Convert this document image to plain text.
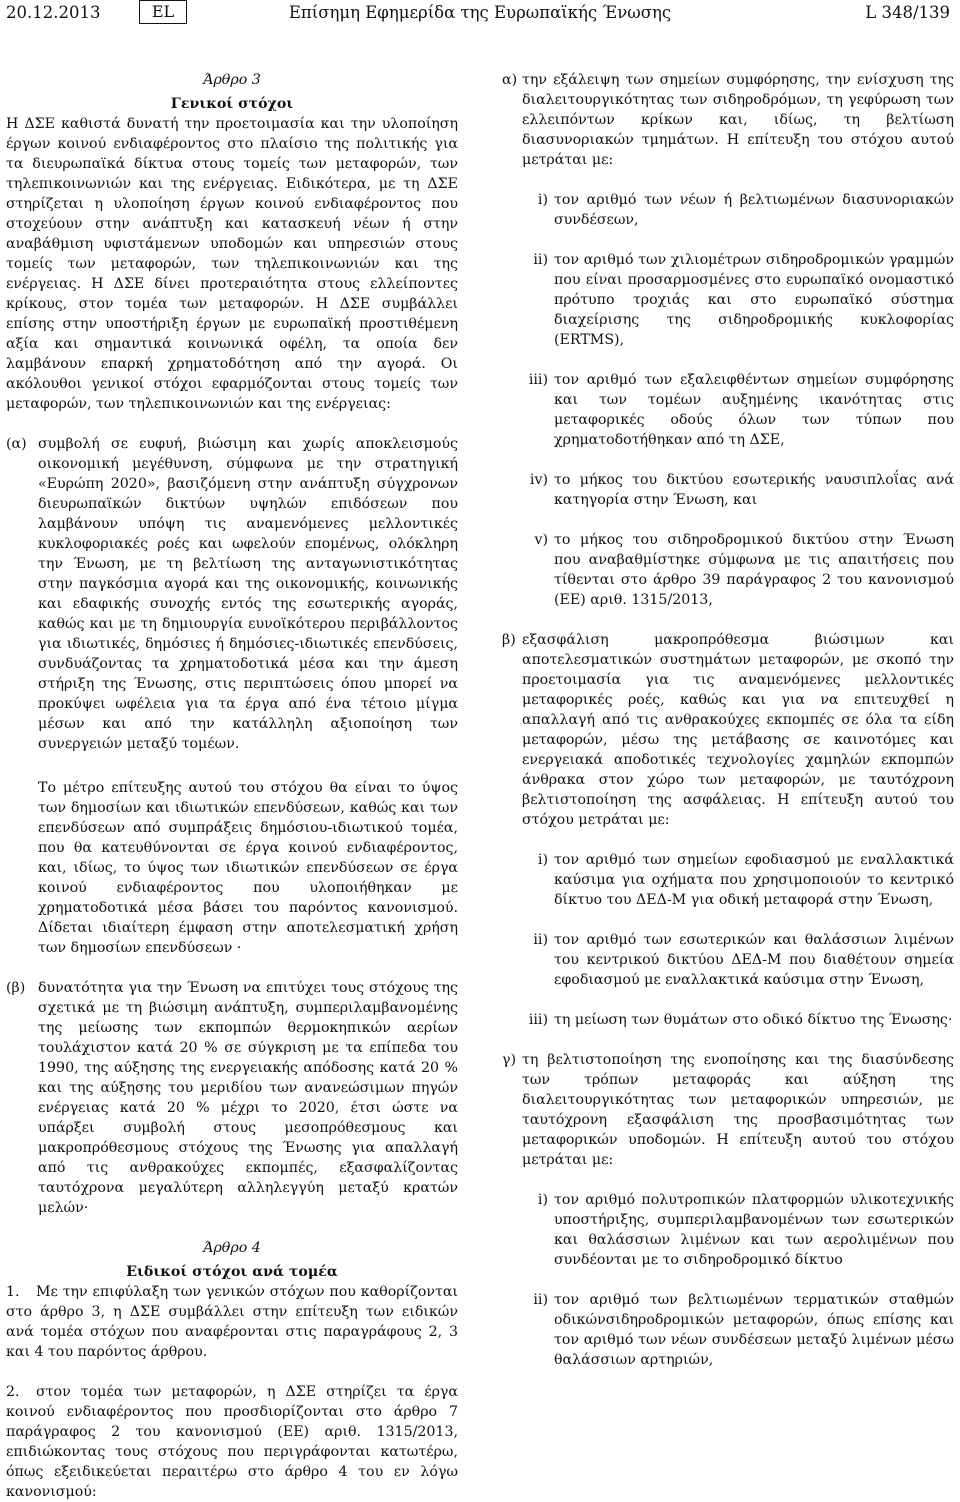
20.12.2013	EL	Επίσημη Εφημερίδα της Ευρωπαϊκής Ένωσης	L 348/139
Άρθρο 3
Γενικοί στόχοι

Η ΔΣΕ καθιστά δυνατή την προετοιμασία και την υλοποίηση έργων κοινού ενδιαφέροντος στο πλαίσιο της πολιτικής για τα διευρωπαϊκά δίκτυα στους τομείς των μεταφορών, των τηλεπικοινωνιών και της ενέργειας. Ειδικότερα, με τη ΔΣΕ στηρίζεται η υλοποίηση έργων κοινού ενδιαφέροντος που στοχεύουν στην ανάπτυξη και κατασκευή νέων ή στην αναβάθμιση υφιστάμενων υποδομών και υπηρεσιών στους τομείς των μεταφορών, των τηλεπικοινωνιών και της ενέργειας. Η ΔΣΕ δίνει προτεραιότητα στους ελλείποντες κρίκους, στον τομέα των μεταφορών. Η ΔΣΕ συμβάλλει επίσης στην υποστήριξη έργων με ευρωπαϊκή προστιθέμενη αξία και σημαντικά κοινωνικά οφέλη, τα οποία δεν λαμβάνουν επαρκή χρηματοδότηση από την αγορά. Οι ακόλουθοι γενικοί στόχοι εφαρμόζονται στους τομείς των μεταφορών, των τηλεπικοινωνιών και της ενέργειας:

(α) συμβολή σε ευφυή, βιώσιμη και χωρίς αποκλεισμούς οικονομική μεγέθυνση, σύμφωνα με την στρατηγική «Ευρώπη 2020», βασιζόμενη στην ανάπτυξη σύγχρονων διευρωπαϊκών δικτύων υψηλών επιδόσεων που λαμβάνουν υπόψη τις αναμενόμενες μελλοντικές κυκλοφοριακές ροές και ωφελούν επομένως, ολόκληρη την Ένωση, με τη βελτίωση της ανταγωνιστικότητας στην παγκόσμια αγορά και της οικονομικής, κοινωνικής και εδαφικής συνοχής εντός της εσωτερικής αγοράς, καθώς και με τη δημιουργία ευνοϊκότερου περιβάλλοντος για ιδιωτικές, δημόσιες ή δημόσιες-ιδιωτικές επενδύσεις, συνδυάζοντας τα χρηματοδοτικά μέσα και την άμεση στήριξη της Ένωσης, στις περιπτώσεις όπου μπορεί να προκύψει ωφέλεια για τα έργα από ένα τέτοιο μίγμα μέσων και από την κατάλληλη αξιοποίηση των συνεργειών μεταξύ τομέων.
Το μέτρο επίτευξης αυτού του στόχου θα είναι το ύψος των δημοσίων και ιδιωτικών επενδύσεων, καθώς και των επενδύσεων από συμπράξεις δημόσιου-ιδιωτικού τομέα, που θα κατευθύνονται σε έργα κοινού ενδιαφέροντος, και, ιδίως, το ύψος των ιδιωτικών επενδύσεων σε έργα κοινού ενδιαφέροντος που υλοποιήθηκαν με χρηματοδοτικά μέσα βάσει του παρόντος κανονισμού. Δίδεται ιδιαίτερη έμφαση στην αποτελεσματική χρήση των δημοσίων επενδύσεων ·
(β) δυνατότητα για την Ένωση να επιτύχει τους στόχους της σχετικά με τη βιώσιμη ανάπτυξη, συμπεριλαμβανομένης της μείωσης των εκπομπών θερμοκηπικών αερίων τουλάχιστον κατά 20 % σε σύγκριση με τα επίπεδα του 1990, της αύξησης της ενεργειακής απόδοσης κατά 20 % και της αύξησης του μεριδίου των ανανεώσιμων πηγών ενέργειας κατά 20 % μέχρι το 2020, έτσι ώστε να υπάρξει συμβολή στους μεσοπρόθεσμους και μακροπρόθεσμους στόχους της Ένωσης για απαλλαγή από τις ανθρακούχες εκπομπές, εξασφαλίζοντας ταυτόχρονα μεγαλύτερη αλληλεγγύη μεταξύ κρατών μελών·
Άρθρο 4
Ειδικοί στόχοι ανά τομέα

1. Με την επιφύλαξη των γενικών στόχων που καθορίζονται στο άρθρο 3, η ΔΣΕ συμβάλλει στην επίτευξη των ειδικών ανά τομέα στόχων που αναφέρονται στις παραγράφους 2, 3 και 4 του παρόντος άρθρου.

2. στον τομέα των μεταφορών, η ΔΣΕ στηρίζει τα έργα κοινού ενδιαφέροντος που προσδιορίζονται στο άρθρο 7 παράγραφος 2 του κανονισμού (ΕΕ) αριθ. 1315/2013, επιδιώκοντας τους στόχους που περιγράφονται κατωτέρω, όπως εξειδικεύεται περαιτέρω στο άρθρο 4 του εν λόγω κανονισμού:

α) την εξάλειψη των σημείων συμφόρησης, την ενίσχυση της διαλειτουργικότητας των σιδηροδρόμων, τη γεφύρωση των ελλειπόντων κρίκων και, ιδίως, τη βελτίωση διασυνοριακών τμημάτων. Η επίτευξη του στόχου αυτού μετράται με:
i) τον αριθμό των νέων ή βελτιωμένων διασυνοριακών συνδέσεων,
ii) τον αριθμό των χιλιομέτρων σιδηροδρομικών γραμμών που είναι προσαρμοσμένες στο ευρωπαϊκό ονομαστικό πρότυπο τροχιάς και στο ευρωπαϊκό σύστημα διαχείρισης της σιδηροδρομικής κυκλοφορίας (ERTMS),
iii) τον αριθμό των εξαλειφθέντων σημείων συμφόρησης και των τομέων αυξημένης ικανότητας στις μεταφορικές οδούς όλων των τύπων που χρηματοδοτήθηκαν από τη ΔΣΕ,
iv) το μήκος του δικτύου εσωτερικής ναυσιπλοΐας ανά κατηγορία στην Ένωση, και
v) το μήκος του σιδηροδρομικού δικτύου στην Ένωση που αναβαθμίστηκε σύμφωνα με τις απαιτήσεις που τίθενται στο άρθρο 39 παράγραφος 2 του κανονισμού (ΕΕ) αριθ. 1315/2013,
β) εξασφάλιση μακροπρόθεσμα βιώσιμων και αποτελεσματικών συστημάτων μεταφορών, με σκοπό την προετοιμασία για τις αναμενόμενες μελλοντικές μεταφορικές ροές, καθώς και για να επιτευχθεί η απαλλαγή από τις ανθρακούχες εκπομπές σε όλα τα είδη μεταφορών, μέσω της μετάβασης σε καινοτόμες και ενεργειακά αποδοτικές τεχνολογίες χαμηλών εκπομπών άνθρακα στον χώρο των μεταφορών, με ταυτόχρονη βελτιστοποίηση της ασφάλειας. Η επίτευξη αυτού του στόχου μετράται με:
i) τον αριθμό των σημείων εφοδιασμού με εναλλακτικά καύσιμα για οχήματα που χρησιμοποιούν το κεντρικό δίκτυο του ΔΕΔ-Μ για οδική μεταφορά στην Ένωση,
ii) τον αριθμό των εσωτερικών και θαλάσσιων λιμένων του κεντρικού δικτύου ΔΕΔ-Μ που διαθέτουν σημεία εφοδιασμού με εναλλακτικά καύσιμα στην Ένωση,
iii) τη μείωση των θυμάτων στο οδικό δίκτυο της Ένωσης·
γ) τη βελτιστοποίηση της ενοποίησης και της διασύνδεσης των τρόπων μεταφοράς και αύξηση της διαλειτουργικότητας των μεταφορικών υπηρεσιών, με ταυτόχρονη εξασφάλιση της προσβασιμότητας των μεταφορικών υποδομών. Η επίτευξη αυτού του στόχου μετράται με:
i) τον αριθμό πολυτροπικών πλατφορμών υλικοτεχνικής υποστήριξης, συμπεριλαμβανομένων των εσωτερικών και θαλάσσιων λιμένων και των αερολιμένων που συνδέονται με το σιδηροδρομικό δίκτυο
ii) τον αριθμό των βελτιωμένων τερματικών σταθμών οδικώνσιδηροδρομικών μεταφορών, όπως επίσης και τον αριθμό των νέων συνδέσεων μεταξύ λιμένων μέσω θαλάσσιων αρτηριών,
